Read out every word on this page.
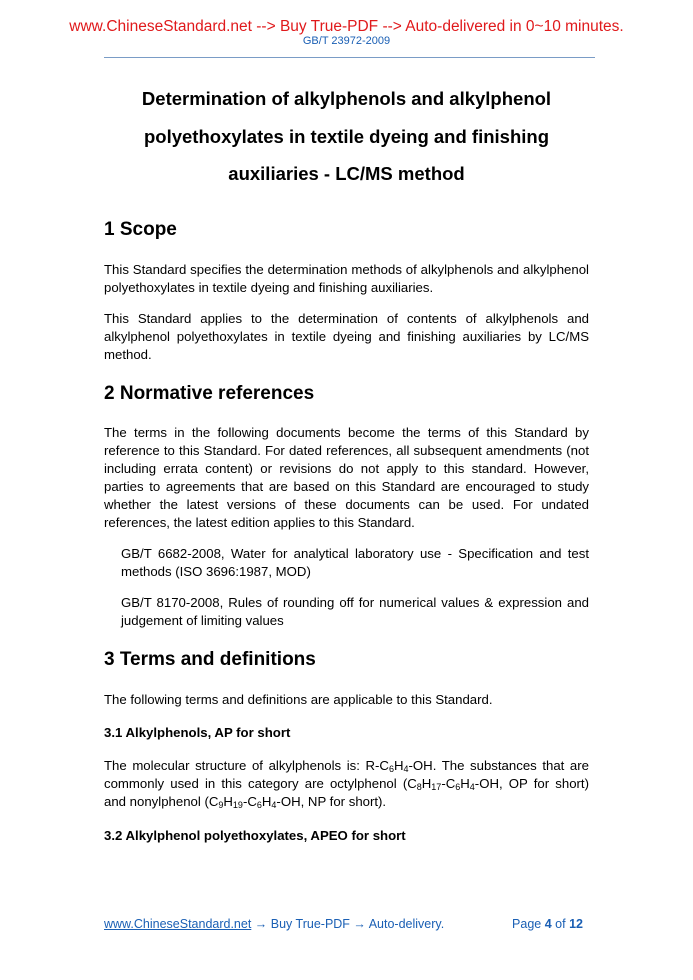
www.ChineseStandard.net --> Buy True-PDF --> Auto-delivered in 0~10 minutes.
GB/T 23972-2009
Determination of alkylphenols and alkylphenol
polyethoxylates in textile dyeing and finishing
auxiliaries - LC/MS method
1 Scope

This Standard specifies the determination methods of alkylphenols and alkylphenol polyethoxylates in textile dyeing and finishing auxiliaries.

This Standard applies to the determination of contents of alkylphenols and alkylphenol polyethoxylates in textile dyeing and finishing auxiliaries by LC/MS method.

2 Normative references

The terms in the following documents become the terms of this Standard by reference to this Standard. For dated references, all subsequent amendments (not including errata content) or revisions do not apply to this standard. However, parties to agreements that are based on this Standard are encouraged to study whether the latest versions of these documents can be used. For undated references, the latest edition applies to this Standard.

GB/T 6682-2008, Water for analytical laboratory use - Specification and test methods (ISO 3696:1987, MOD)

GB/T 8170-2008, Rules of rounding off for numerical values & expression and judgement of limiting values

3 Terms and definitions

The following terms and definitions are applicable to this Standard.

3.1 Alkylphenols, AP for short

The molecular structure of alkylphenols is: $R-C_6H_4-OH$. The substances that are commonly used in this category are octylphenol ($C_8H_{17}-C_6H_4-OH$, OP for short) and nonylphenol ($C_9H_{19}-C_6H_4-OH$, NP for short).

3.2 Alkylphenol polyethoxylates, APEO for short
www.ChineseStandard.net → Buy True-PDF → Auto-delivery.	Page 4 of 12
